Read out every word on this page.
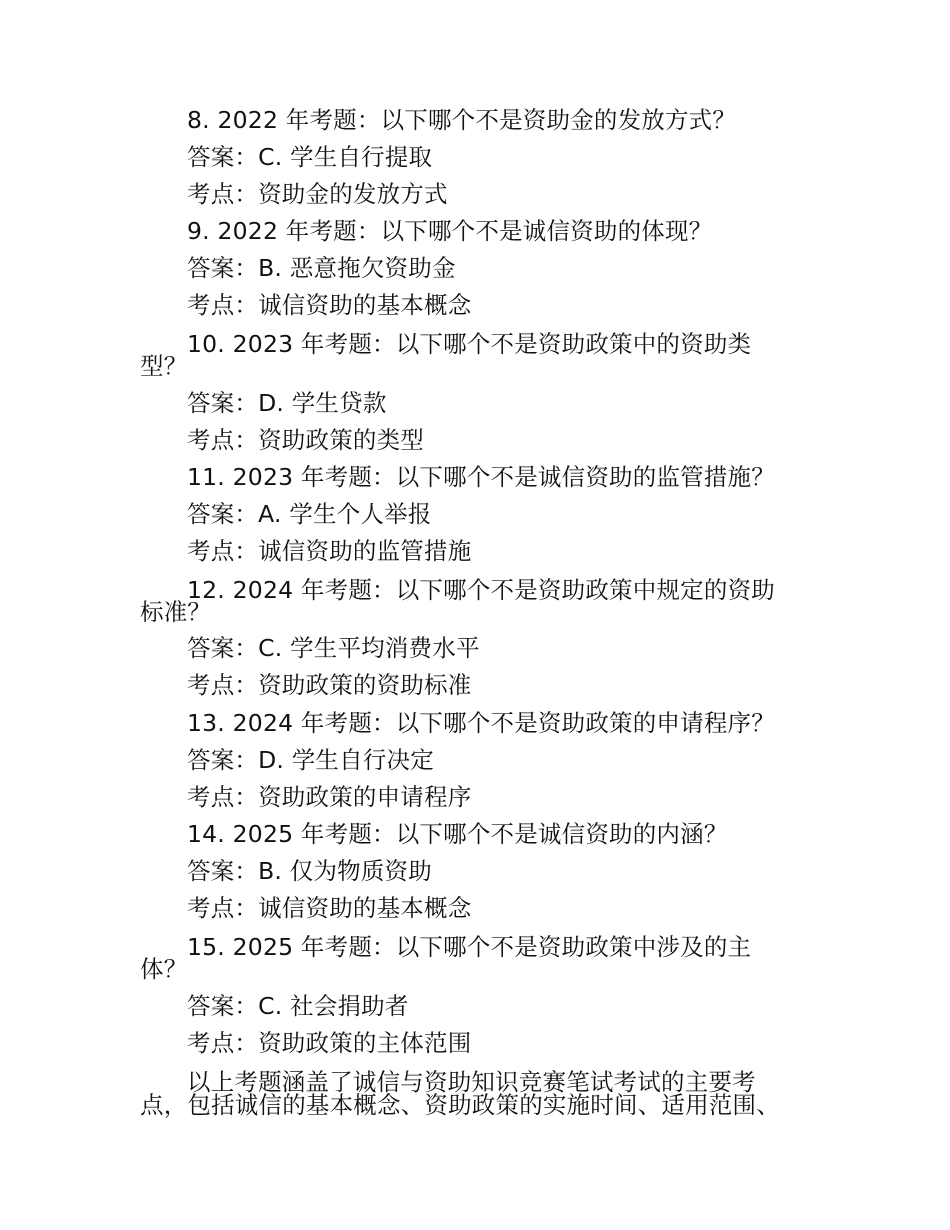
8. 2022 年考题：以下哪个不是资助金的发放方式？
答案：C. 学生自行提取
考点：资助金的发放方式
9. 2022 年考题：以下哪个不是诚信资助的体现？
答案：B. 恶意拖欠资助金
考点：诚信资助的基本概念
10. 2023 年考题：以下哪个不是资助政策中的资助类
型？
答案：D. 学生贷款
考点：资助政策的类型
11. 2023 年考题：以下哪个不是诚信资助的监管措施？
答案：A. 学生个人举报
考点：诚信资助的监管措施
12. 2024 年考题：以下哪个不是资助政策中规定的资助
标准？
答案：C. 学生平均消费水平
考点：资助政策的资助标准
13. 2024 年考题：以下哪个不是资助政策的申请程序？
答案：D. 学生自行决定
考点：资助政策的申请程序
14. 2025 年考题：以下哪个不是诚信资助的内涵？
答案：B. 仅为物质资助
考点：诚信资助的基本概念
15. 2025 年考题：以下哪个不是资助政策中涉及的主
体？
答案：C. 社会捐助者
考点：资助政策的主体范围
以上考题涵盖了诚信与资助知识竞赛笔试考试的主要考
点，包括诚信的基本概念、资助政策的实施时间、适用范围、
